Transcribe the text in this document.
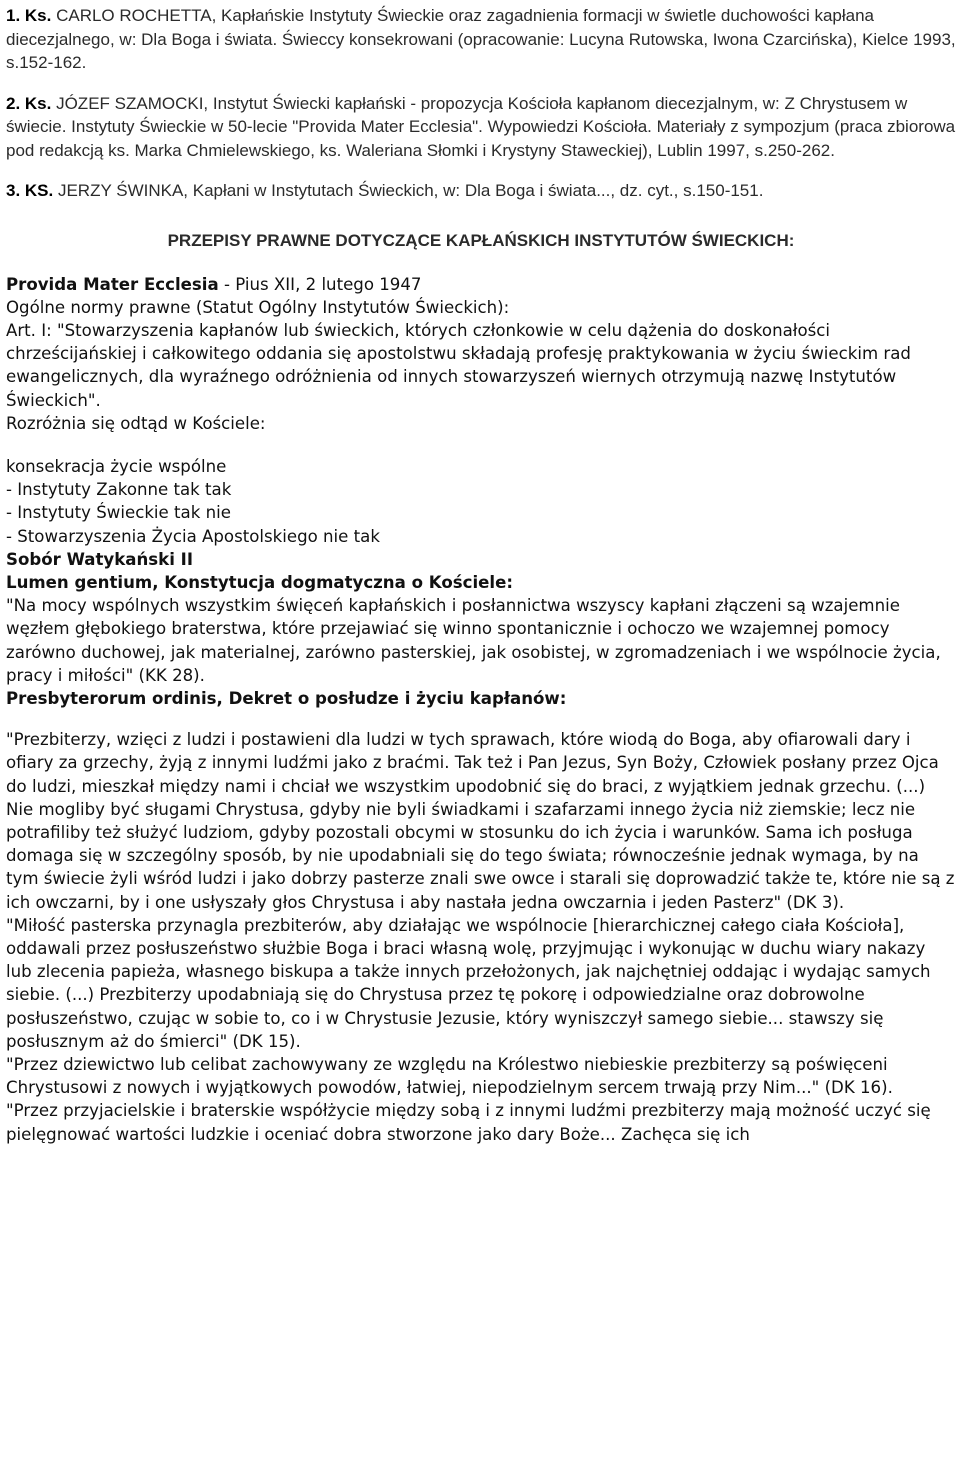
1. Ks. CARLO ROCHETTA, Kapłańskie Instytuty Świeckie oraz zagadnienia formacji w świetle duchowości kapłana diecezjalnego, w: Dla Boga i świata. Świeccy konsekrowani (opracowanie: Lucyna Rutowska, Iwona Czarcińska), Kielce 1993, s.152-162.

2. Ks. JÓZEF SZAMOCKI, Instytut Świecki kapłański - propozycja Kościoła kapłanom diecezjalnym, w: Z Chrystusem w świecie. Instytuty Świeckie w 50-lecie "Provida Mater Ecclesia". Wypowiedzi Kościoła. Materiały z sympozjum (praca zbiorowa pod redakcją ks. Marka Chmielewskiego, ks. Waleriana Słomki i Krystyny Staweckiej), Lublin 1997, s.250-262.

3. KS. JERZY ŚWINKA, Kapłani w Instytutach Świeckich, w: Dla Boga i świata..., dz. cyt., s.150-151.

PRZEPISY PRAWNE DOTYCZĄCE KAPŁAŃSKICH INSTYTUTÓW ŚWIECKICH:

Provida Mater Ecclesia - Pius XII, 2 lutego 1947

Ogólne normy prawne (Statut Ogólny Instytutów Świeckich):

Art. I: "Stowarzyszenia kapłanów lub świeckich, których członkowie w celu dążenia do doskonałości chrześcijańskiej i całkowitego oddania się apostolstwu składają profesję praktykowania w życiu świeckim rad ewangelicznych, dla wyraźnego odróżnienia od innych stowarzyszeń wiernych otrzymują nazwę Instytutów Świeckich".

Rozróżnia się odtąd w Kościele:

konsekracja życie wspólne

- Instytuty Zakonne tak tak

- Instytuty Świeckie tak nie

- Stowarzyszenia Życia Apostolskiego nie tak

Sobór Watykański II

Lumen gentium, Konstytucja dogmatyczna o Kościele:

"Na mocy wspólnych wszystkim święceń kapłańskich i posłannictwa wszyscy kapłani złączeni są wzajemnie węzłem głębokiego braterstwa, które przejawiać się winno spontanicznie i ochoczo we wzajemnej pomocy zarówno duchowej, jak materialnej, zarówno pasterskiej, jak osobistej, w zgromadzeniach i we wspólnocie życia, pracy i miłości" (KK 28).

Presbyterorum ordinis, Dekret o posłudze i życiu kapłanów:

"Prezbiterzy, wzięci z ludzi i postawieni dla ludzi w tych sprawach, które wiodą do Boga, aby ofiarowali dary i ofiary za grzechy, żyją z innymi ludźmi jako z braćmi. Tak też i Pan Jezus, Syn Boży, Człowiek posłany przez Ojca do ludzi, mieszkał między nami i chciał we wszystkim upodobnić się do braci, z wyjątkiem jednak grzechu. (...) Nie mogliby być sługami Chrystusa, gdyby nie byli świadkami i szafarzami innego życia niż ziemskie; lecz nie potrafiliby też służyć ludziom, gdyby pozostali obcymi w stosunku do ich życia i warunków. Sama ich posługa domaga się w szczególny sposób, by nie upodabniali się do tego świata; równocześnie jednak wymaga, by na tym świecie żyli wśród ludzi i jako dobrzy pasterze znali swe owce i starali się doprowadzić także te, które nie są z ich owczarni, by i one usłyszały głos Chrystusa i aby nastała jedna owczarnia i jeden Pasterz" (DK 3).

"Miłość pasterska przynagla prezbiterów, aby działając we wspólnocie [hierarchicznej całego ciała Kościoła], oddawali przez posłuszeństwo służbie Boga i braci własną wolę, przyjmując i wykonując w duchu wiary nakazy lub zlecenia papieża, własnego biskupa a także innych przełożonych, jak najchętniej oddając i wydając samych siebie. (...) Prezbiterzy upodabniają się do Chrystusa przez tę pokorę i odpowiedzialne oraz dobrowolne posłuszeństwo, czując w sobie to, co i w Chrystusie Jezusie, który wyniszczył samego siebie... stawszy się posłusznym aż do śmierci" (DK 15).

"Przez dziewictwo lub celibat zachowywany ze względu na Królestwo niebieskie prezbiterzy są poświęceni Chrystusowi z nowych i wyjątkowych powodów, łatwiej, niepodzielnym sercem trwają przy Nim..." (DK 16).

"Przez przyjacielskie i braterskie współżycie między sobą i z innymi ludźmi prezbiterzy mają możność uczyć się pielęgnować wartości ludzkie i oceniać dobra stworzone jako dary Boże... Zachęca się ich
